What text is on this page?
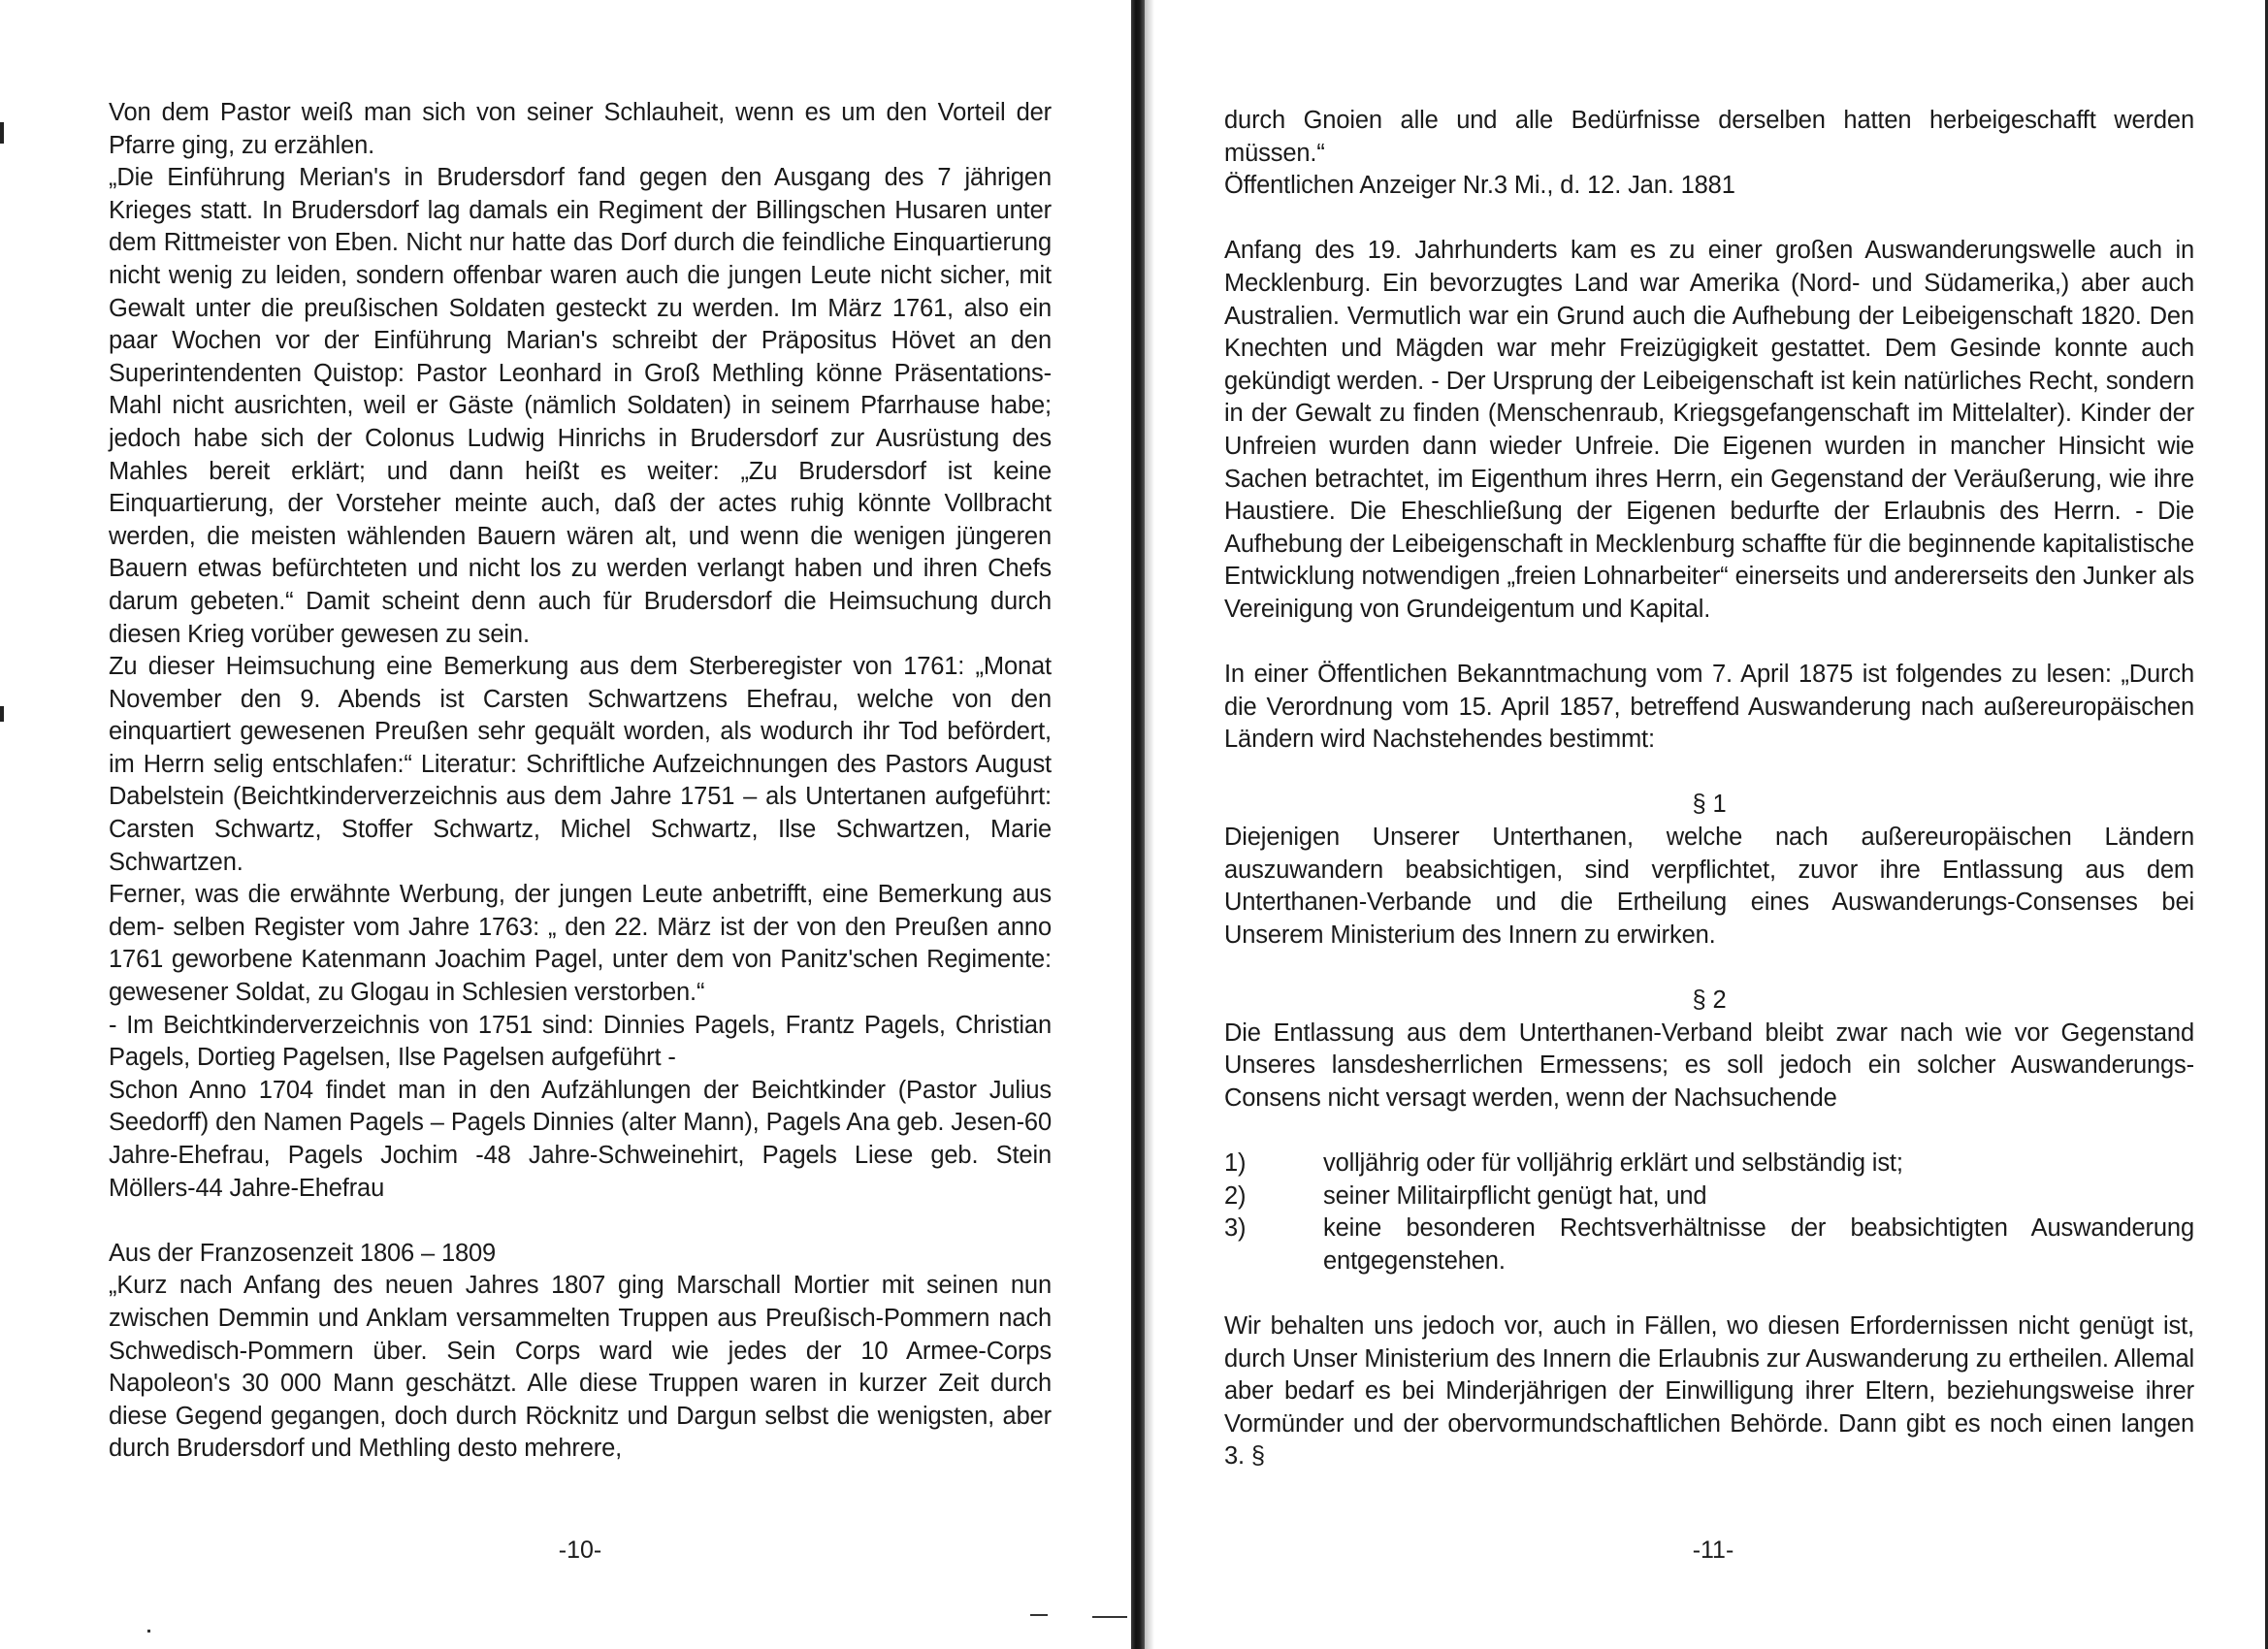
Von dem Pastor weiß man sich von seiner Schlauheit, wenn es um den Vorteil der Pfarre ging, zu erzählen.

„Die Einführung Merian's in Brudersdorf fand gegen den Ausgang des 7 jährigen Krieges statt. In Brudersdorf lag damals ein Regiment der Billingschen Husaren unter dem Rittmeister von Eben. Nicht nur hatte das Dorf durch die feindliche Einquartierung nicht wenig zu leiden, sondern offenbar waren auch die jungen Leute nicht sicher, mit Gewalt unter die preußischen Soldaten gesteckt zu werden. Im März 1761, also ein paar Wochen vor der Einführung Marian's schreibt der Präpositus Hövet an den Superintendenten Quistop: Pastor Leonhard in Groß Methling könne Präsentations-Mahl nicht ausrichten, weil er Gäste (nämlich Soldaten) in seinem Pfarrhause habe; jedoch habe sich der Colonus Ludwig Hinrichs in Brudersdorf zur Ausrüstung des Mahles bereit erklärt; und dann heißt es weiter: „Zu Brudersdorf ist keine Einquartierung, der Vorsteher meinte auch, daß der actes ruhig könnte Vollbracht werden, die meisten wählenden Bauern wären alt, und wenn die wenigen jüngeren Bauern etwas befürchteten und nicht los zu werden verlangt haben und ihren Chefs darum gebeten.“ Damit scheint denn auch für Brudersdorf die Heimsuchung durch diesen Krieg vorüber gewesen zu sein.

Zu dieser Heimsuchung eine Bemerkung aus dem Sterberegister von 1761: „Monat November den 9. Abends ist Carsten Schwartzens Ehefrau, welche von den einquartiert gewesenen Preußen sehr gequält worden, als wodurch ihr Tod befördert, im Herrn selig entschlafen:“ Literatur: Schriftliche Aufzeichnungen des Pastors August Dabelstein (Beichtkinderverzeichnis aus dem Jahre 1751 – als Untertanen aufgeführt: Carsten Schwartz, Stoffer Schwartz, Michel Schwartz, Ilse Schwartzen, Marie Schwartzen.

Ferner, was die erwähnte Werbung, der jungen Leute anbetrifft, eine Bemerkung aus dem- selben Register vom Jahre 1763: „ den 22. März ist der von den Preußen anno 1761 geworbene Katenmann Joachim Pagel, unter dem von Panitz'schen Regimente: gewesener Soldat, zu Glogau in Schlesien verstorben.“

- Im Beichtkinderverzeichnis von 1751 sind: Dinnies Pagels, Frantz Pagels, Christian Pagels, Dortieg Pagelsen, Ilse Pagelsen aufgeführt -

Schon Anno 1704 findet man in den Aufzählungen der Beichtkinder (Pastor Julius Seedorff) den Namen Pagels – Pagels Dinnies (alter Mann), Pagels Ana geb. Jesen-60 Jahre-Ehefrau, Pagels Jochim -48 Jahre-Schweinehirt, Pagels Liese geb. Stein Möllers-44 Jahre-Ehefrau

Aus der Franzosenzeit 1806 – 1809

„Kurz nach Anfang des neuen Jahres 1807 ging Marschall Mortier mit seinen nun zwischen Demmin und Anklam versammelten Truppen aus Preußisch-Pommern nach Schwedisch-Pommern über. Sein Corps ward wie jedes der 10 Armee-Corps Napoleon's 30 000 Mann geschätzt. Alle diese Truppen waren in kurzer Zeit durch diese Gegend gegangen, doch durch Röcknitz und Dargun selbst die wenigsten, aber durch Brudersdorf und Methling desto mehrere,

-10-

durch Gnoien alle und alle Bedürfnisse derselben hatten herbeigeschafft werden müssen.“

Öffentlichen Anzeiger Nr.3 Mi., d. 12. Jan. 1881

Anfang des 19. Jahrhunderts kam es zu einer großen Auswanderungswelle auch in Mecklenburg. Ein bevorzugtes Land war Amerika (Nord- und Südamerika,) aber auch Australien. Vermutlich war ein Grund auch die Aufhebung der Leibeigenschaft 1820. Den Knechten und Mägden war mehr Freizügigkeit gestattet. Dem Gesinde konnte auch gekündigt werden. - Der Ursprung der Leibeigenschaft ist kein natürliches Recht, sondern in der Gewalt zu finden (Menschenraub, Kriegsgefangenschaft im Mittelalter). Kinder der Unfreien wurden dann wieder Unfreie. Die Eigenen wurden in mancher Hinsicht wie Sachen betrachtet, im Eigenthum ihres Herrn, ein Gegenstand der Veräußerung, wie ihre Haustiere. Die Eheschließung der Eigenen bedurfte der Erlaubnis des Herrn. - Die Aufhebung der Leibeigenschaft in Mecklenburg schaffte für die beginnende kapitalistische Entwicklung notwendigen „freien Lohnarbeiter“ einerseits und andererseits den Junker als Vereinigung von Grundeigentum und Kapital.

In einer Öffentlichen Bekanntmachung vom 7. April 1875 ist folgendes zu lesen: „Durch die Verordnung vom 15. April 1857, betreffend Auswanderung nach außereuropäischen Ländern wird Nachstehendes bestimmt:

§ 1

Diejenigen Unserer Unterthanen, welche nach außereuropäischen Ländern auszuwandern beabsichtigen, sind verpflichtet, zuvor ihre Entlassung aus dem Unterthanen-Verbande und die Ertheilung eines Auswanderungs-Consenses bei Unserem Ministerium des Innern zu erwirken.

§ 2

Die Entlassung aus dem Unterthanen-Verband bleibt zwar nach wie vor Gegenstand Unseres lansdesherrlichen Ermessens; es soll jedoch ein solcher Auswanderungs-Consens nicht versagt werden, wenn der Nachsuchende

1)	volljährig oder für volljährig erklärt und selbständig ist;
2)	seiner Militairpflicht genügt hat, und
3)	keine besonderen Rechtsverhältnisse der beabsichtigten Auswanderung entgegenstehen.

Wir behalten uns jedoch vor, auch in Fällen, wo diesen Erfordernissen nicht genügt ist, durch Unser Ministerium des Innern die Erlaubnis zur Auswanderung zu ertheilen. Allemal aber bedarf es bei Minderjährigen der Einwilligung ihrer Eltern, beziehungsweise ihrer Vormünder und der obervormundschaftlichen Behörde. Dann gibt es noch einen langen 3. §

-11-
